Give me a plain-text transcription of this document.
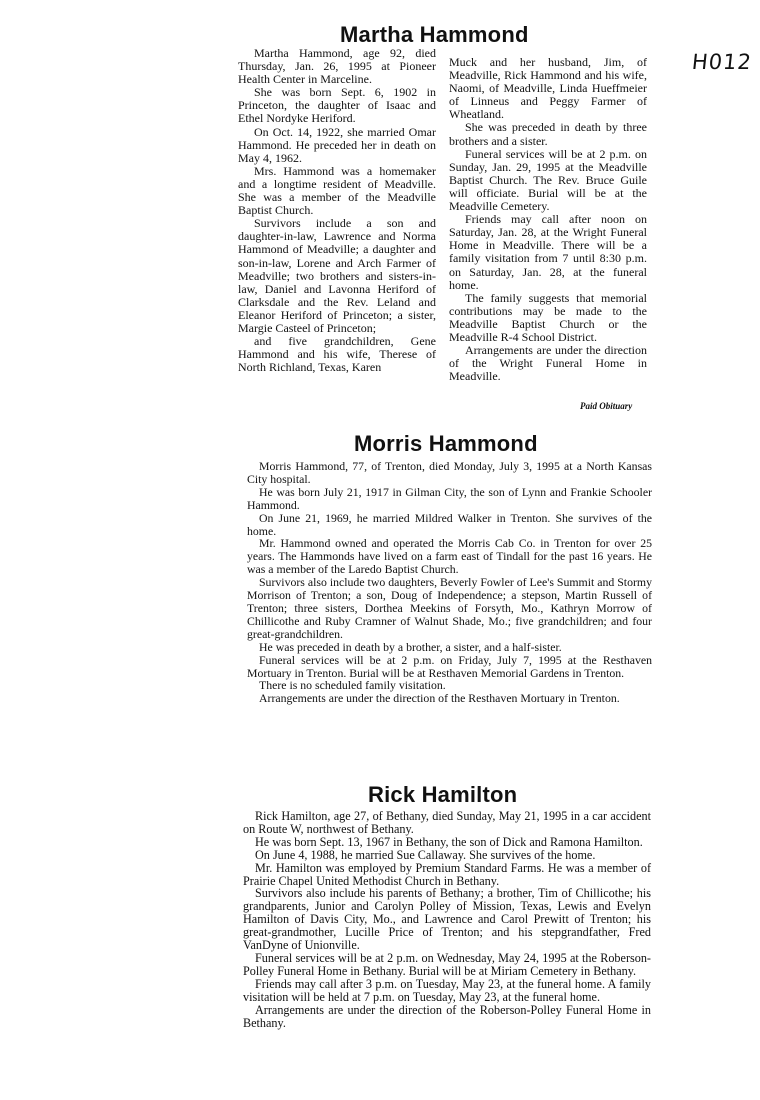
H012
Martha Hammond

Martha Hammond, age 92, died Thursday, Jan. 26, 1995 at Pioneer Health Center in Marceline.

She was born Sept. 6, 1902 in Princeton, the daughter of Isaac and Ethel Nordyke Heriford.

On Oct. 14, 1922, she married Omar Hammond. He preceded her in death on May 4, 1962.

Mrs. Hammond was a homemaker and a longtime resident of Meadville. She was a member of the Meadville Baptist Church.

Survivors include a son and daughter-in-law, Lawrence and Norma Hammond of Meadville; a daughter and son-in-law, Lorene and Arch Farmer of Meadville; two brothers and sisters-in-law, Daniel and Lavonna Heriford of Clarksdale and the Rev. Leland and Eleanor Heriford of Princeton; a sister, Margie Casteel of Princeton;

and five grandchildren, Gene Hammond and his wife, Therese of North Richland, Texas, Karen

Muck and her husband, Jim, of Meadville, Rick Hammond and his wife, Naomi, of Meadville, Linda Hueffmeier of Linneus and Peggy Farmer of Wheatland.

She was preceded in death by three brothers and a sister.

Funeral services will be at 2 p.m. on Sunday, Jan. 29, 1995 at the Meadville Baptist Church. The Rev. Bruce Guile will officiate. Burial will be at the Meadville Cemetery.

Friends may call after noon on Saturday, Jan. 28, at the Wright Funeral Home in Meadville. There will be a family visitation from 7 until 8:30 p.m. on Saturday, Jan. 28, at the funeral home.

The family suggests that memorial contributions may be made to the Meadville Baptist Church or the Meadville R-4 School District.

Arrangements are under the direction of the Wright Funeral Home in Meadville.

Paid Obituary
Morris Hammond

Morris Hammond, 77, of Trenton, died Monday, July 3, 1995 at a North Kansas City hospital.

He was born July 21, 1917 in Gilman City, the son of Lynn and Frankie Schooler Hammond.

On June 21, 1969, he married Mildred Walker in Trenton. She survives of the home.

Mr. Hammond owned and operated the Morris Cab Co. in Trenton for over 25 years. The Hammonds have lived on a farm east of Tindall for the past 16 years. He was a member of the Laredo Baptist Church.

Survivors also include two daughters, Beverly Fowler of Lee's Summit and Stormy Morrison of Trenton; a son, Doug of Independence; a stepson, Martin Russell of Trenton; three sisters, Dorthea Meekins of Forsyth, Mo., Kathryn Morrow of Chillicothe and Ruby Cramner of Walnut Shade, Mo.; five grandchildren; and four great-grandchildren.

He was preceded in death by a brother, a sister, and a half-sister.

Funeral services will be at 2 p.m. on Friday, July 7, 1995 at the Resthaven Mortuary in Trenton. Burial will be at Resthaven Memorial Gardens in Trenton.

There is no scheduled family visitation.

Arrangements are under the direction of the Resthaven Mortuary in Trenton.

Rick Hamilton

Rick Hamilton, age 27, of Bethany, died Sunday, May 21, 1995 in a car accident on Route W, northwest of Bethany.

He was born Sept. 13, 1967 in Bethany, the son of Dick and Ramona Hamilton.

On June 4, 1988, he married Sue Callaway. She survives of the home.

Mr. Hamilton was employed by Premium Standard Farms. He was a member of Prairie Chapel United Methodist Church in Bethany.

Survivors also include his parents of Bethany; a brother, Tim of Chillicothe; his grandparents, Junior and Carolyn Polley of Mission, Texas, Lewis and Evelyn Hamilton of Davis City, Mo., and Lawrence and Carol Prewitt of Trenton; his great-grandmother, Lucille Price of Trenton; and his stepgrandfather, Fred VanDyne of Unionville.

Funeral services will be at 2 p.m. on Wednesday, May 24, 1995 at the Roberson-Polley Funeral Home in Bethany. Burial will be at Miriam Cemetery in Bethany.

Friends may call after 3 p.m. on Tuesday, May 23, at the funeral home. A family visitation will be held at 7 p.m. on Tuesday, May 23, at the funeral home.

Arrangements are under the direction of the Roberson-Polley Funeral Home in Bethany.
